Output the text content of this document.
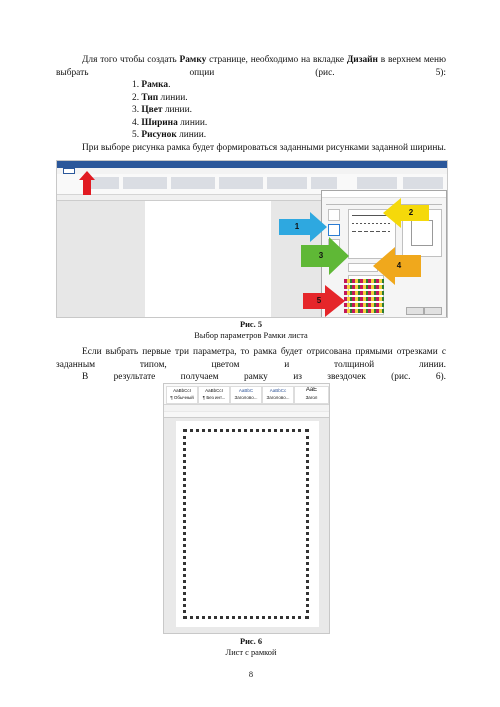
Для того чтобы создать Рамку странице, необходимо на вкладке Дизайн в верхнем меню выбрать опции (рис. 5):
1. Рамка.
2. Тип линии.
3. Цвет линии.
4. Ширина линии.
5. Рисунок линии.
При выборе рисунка рамка будет формироваться заданными рисунками заданной ширины.
1
2
3
4
5
Рис. 5
Выбор параметров Рамки листа
Если выбрать первые три параметра, то рамка будет отрисована прямыми отрезками с заданным типом, цветом и толщиной линии.
В результате получаем рамку из звездочек (рис. 6).
AaBbCcI
¶ Обычный
AaBbCcI
¶ Без инт...
AaBbC
Заголово...
AaBbCc
Заголово...
AaE
Загол
Рис. 6
Лист с рамкой
8
